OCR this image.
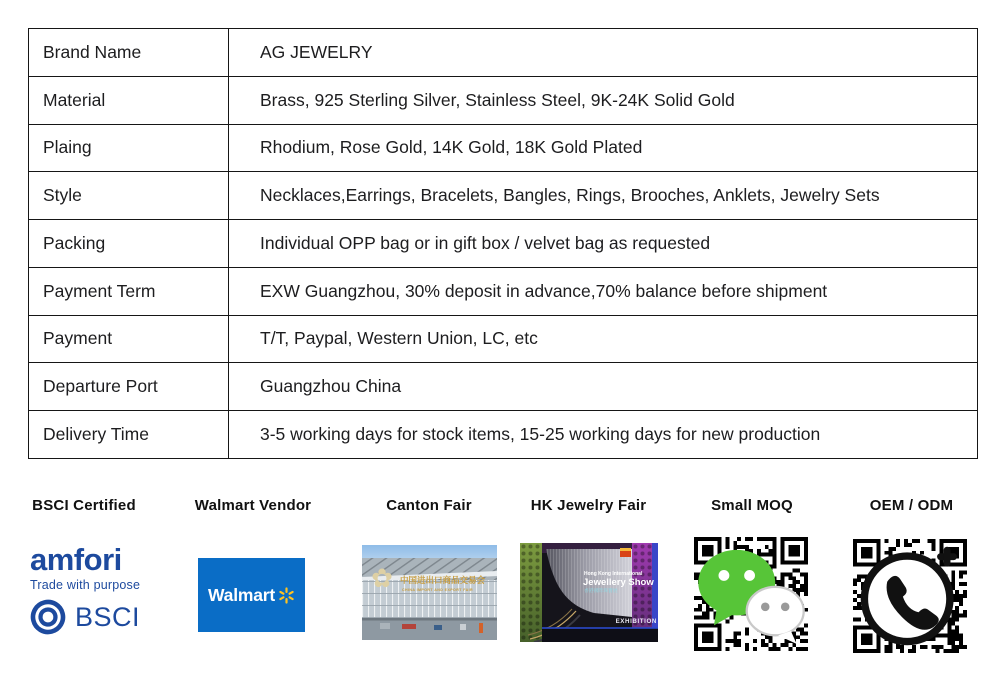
Brand Name	AG JEWELRY
Material	Brass, 925 Sterling Silver, Stainless Steel, 9K-24K Solid Gold
Plaing	Rhodium, Rose Gold, 14K Gold, 18K Gold Plated
Style	Necklaces,Earrings, Bracelets, Bangles, Rings, Brooches, Anklets, Jewelry Sets
Packing	Individual OPP bag or in gift box / velvet bag as requested
Payment Term	EXW Guangzhou, 30% deposit in advance,70% balance before shipment
Payment	T/T, Paypal, Western Union, LC, etc
Departure Port	Guangzhou China
Delivery Time	3-5 working days for stock items, 15-25 working days for new production
BSCI Certified	Walmart Vendor	Canton Fair	HK Jewelry Fair	Small MOQ	OEM / ODM
amfori
Trade with purpose
BSCI
Walmart
✿ 中国进出口商品交易会
CHINA IMPORT AND EXPORT FAIR
Hong Kong International
Jewellery Show
香港國際珠寶展
EXHIBITION
